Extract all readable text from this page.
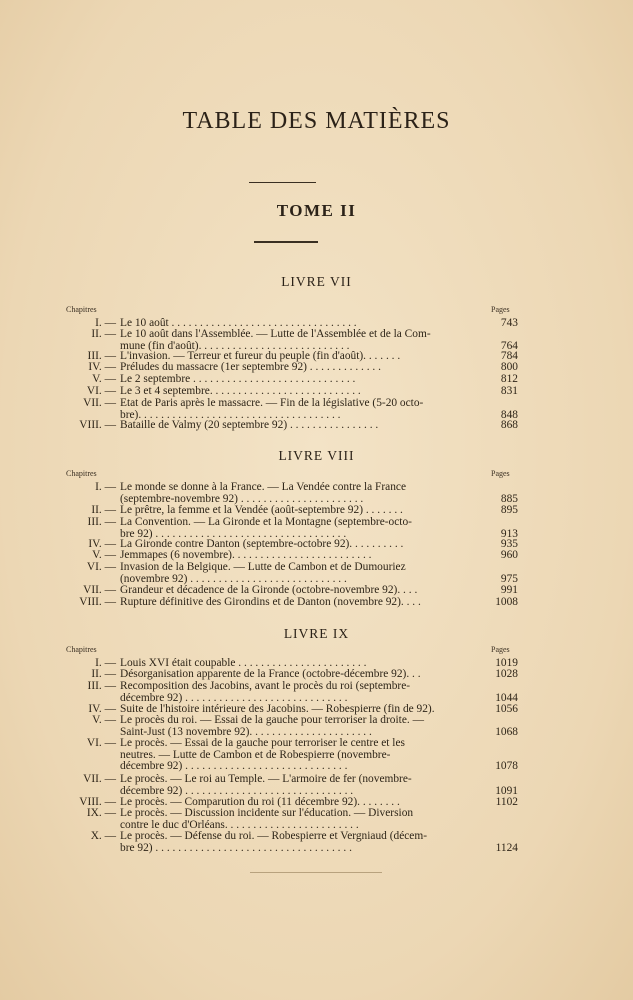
TABLE DES MATIÈRES
TOME II
LIVRE VII
Chapitres	Pages
I. — Le 10 août . . . . . . . . . . . . . . . . . . . . . . . . . . . . . . . . .	743
II. — Le 10 août dans l'Assemblée. — Lutte de l'Assemblée et de la Com-
mune (fin d'août). . . . . . . . . . . . . . . . . . . . . . . . . . .	764
III. — L'invasion. — Terreur et fureur du peuple (fin d'août). . . . . . .	784
IV. — Préludes du massacre (1er septembre 92) . . . . . . . . . . . . .	800
V. — Le 2 septembre . . . . . . . . . . . . . . . . . . . . . . . . . . . . .	812
VI. — Le 3 et 4 septembre. . . . . . . . . . . . . . . . . . . . . . . . . . .	831
VII. — État de Paris après le massacre. — Fin de la législative (5-20 octo-
bre). . . . . . . . . . . . . . . . . . . . . . . . . . . . . . . . . . . .	848
VIII. — Bataille de Valmy (20 septembre 92) . . . . . . . . . . . . . . . .	868
LIVRE VIII
Chapitres	Pages
I. — Le monde se donne à la France. — La Vendée contre la France
(septembre-novembre 92) . . . . . . . . . . . . . . . . . . . . . .	885
II. — Le prêtre, la femme et la Vendée (août-septembre 92) . . . . . . .	895
III. — La Convention. — La Gironde et la Montagne (septembre-octo-
bre 92) . . . . . . . . . . . . . . . . . . . . . . . . . . . . . . . . . .	913
IV. — La Gironde contre Danton (septembre-octobre 92). . . . . . . . . .	935
V. — Jemmapes (6 novembre). . . . . . . . . . . . . . . . . . . . . . . . .	960
VI. — Invasion de la Belgique. — Lutte de Cambon et de Dumouriez
(novembre 92) . . . . . . . . . . . . . . . . . . . . . . . . . . . .	975
VII. — Grandeur et décadence de la Gironde (octobre-novembre 92). . . .	991
VIII. — Rupture définitive des Girondins et de Danton (novembre 92). . . .	1008
LIVRE IX
Chapitres	Pages
I. — Louis XVI était coupable . . . . . . . . . . . . . . . . . . . . . . .	1019
II. — Désorganisation apparente de la France (octobre-décembre 92). . .	1028
III. — Recomposition des Jacobins, avant le procès du roi (septembre-
décembre 92) . . . . . . . . . . . . . . . . . . . . . . . . . . . . .	1044
IV. — Suite de l'histoire intérieure des Jacobins. — Robespierre (fin de 92).	1056
V. — Le procès du roi. — Essai de la gauche pour terroriser la droite. —
Saint-Just (13 novembre 92). . . . . . . . . . . . . . . . . . . . . .	1068
VI. — Le procès. — Essai de la gauche pour terroriser le centre et les
neutres. — Lutte de Cambon et de Robespierre (novembre-
décembre 92) . . . . . . . . . . . . . . . . . . . . . . . . . . . . .	1078
VII. — Le procès. — Le roi au Temple. — L'armoire de fer (novembre-
décembre 92) . . . . . . . . . . . . . . . . . . . . . . . . . . . . . .	1091
VIII. — Le procès. — Comparution du roi (11 décembre 92). . . . . . . .	1102
IX. — Le procès. — Discussion incidente sur l'éducation. — Diversion
contre le duc d'Orléans. . . . . . . . . . . . . . . . . . . . . . . .
X. — Le procès. — Défense du roi. — Robespierre et Vergniaud (décem-
bre 92) . . . . . . . . . . . . . . . . . . . . . . . . . . . . . . . . . . .	1124
